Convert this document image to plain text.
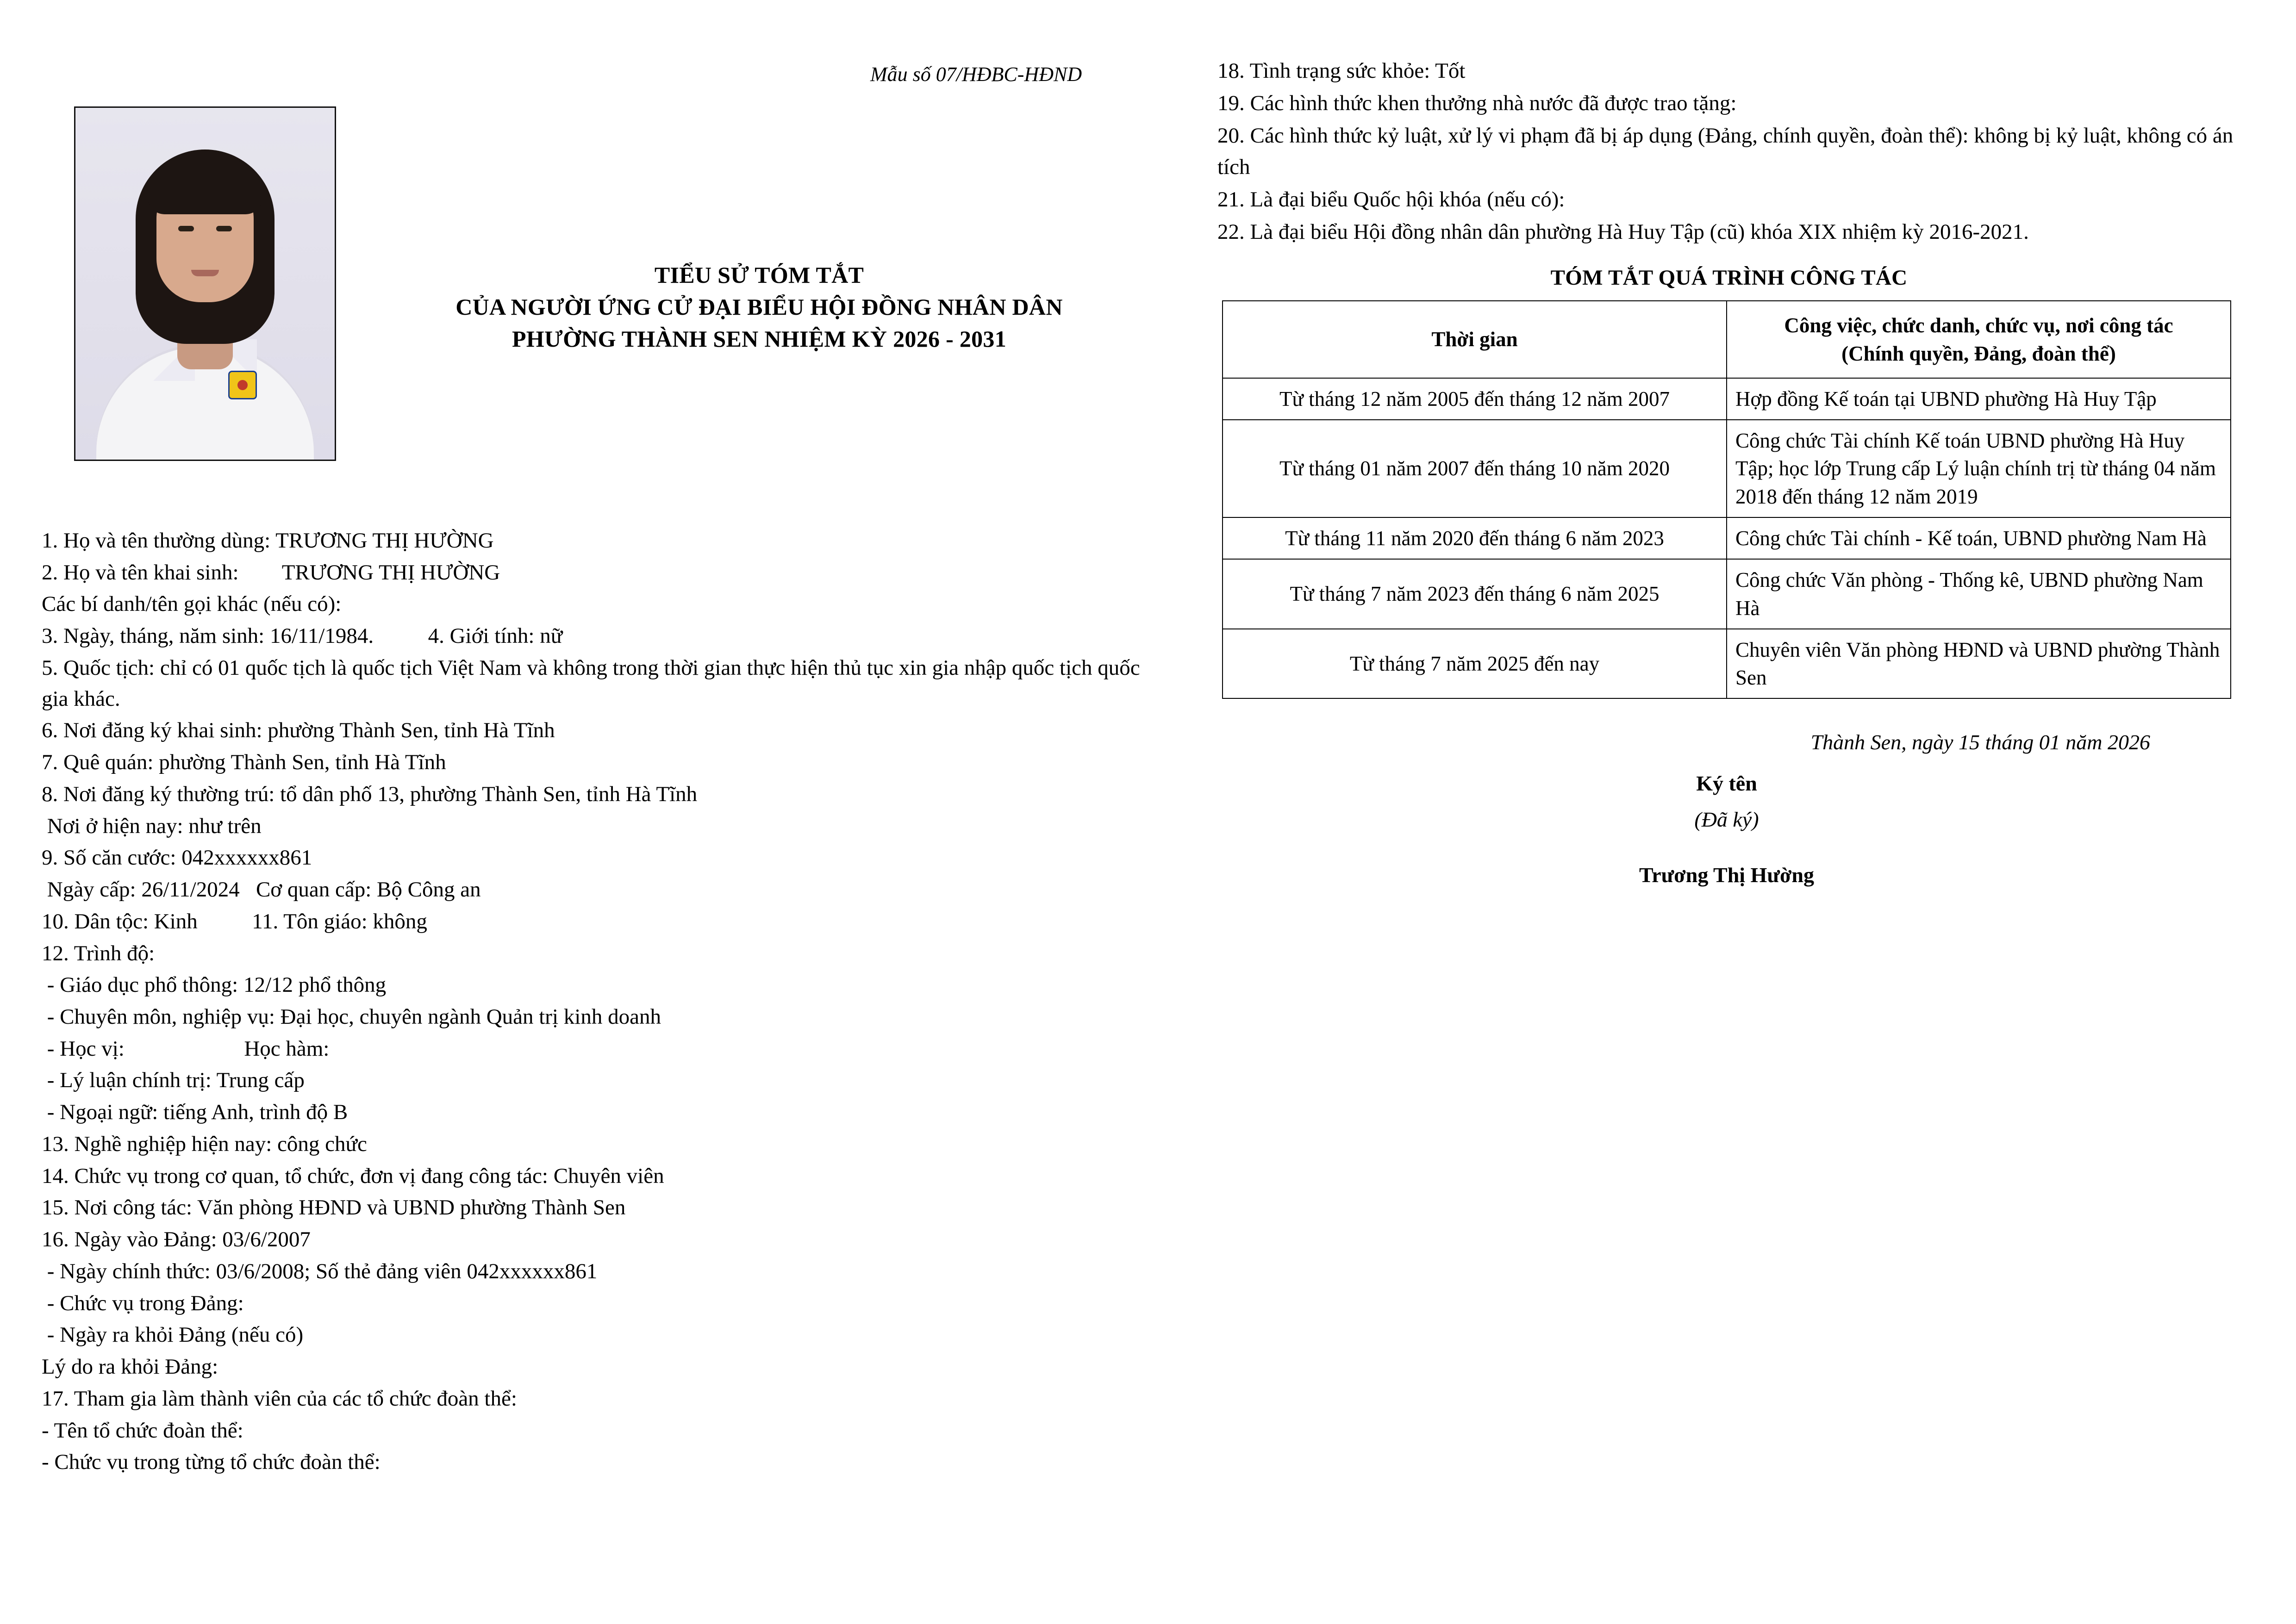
Mẫu số 07/HĐBC-HĐND
TIỂU SỬ TÓM TẮT
CỦA NGƯỜI ỨNG CỬ ĐẠI BIỂU HỘI ĐỒNG NHÂN DÂN
PHƯỜNG THÀNH SEN NHIỆM KỲ 2026 - 2031

1. Họ và tên thường dùng: TRƯƠNG THỊ HƯỜNG

2. Họ và tên khai sinh:        TRƯƠNG THỊ HƯỜNG

Các bí danh/tên gọi khác (nếu có):

3. Ngày, tháng, năm sinh: 16/11/1984.          4. Giới tính: nữ

5. Quốc tịch: chỉ có 01 quốc tịch là quốc tịch Việt Nam và không trong thời gian thực hiện thủ tục xin gia nhập quốc tịch quốc gia khác.

6. Nơi đăng ký khai sinh: phường Thành Sen, tỉnh Hà Tĩnh

7. Quê quán: phường Thành Sen, tỉnh Hà Tĩnh

8. Nơi đăng ký thường trú: tổ dân phố 13, phường Thành Sen, tỉnh Hà Tĩnh

Nơi ở hiện nay: như trên

9. Số căn cước: 042xxxxxx861

Ngày cấp: 26/11/2024   Cơ quan cấp: Bộ Công an

10. Dân tộc: Kinh          11. Tôn giáo: không

12. Trình độ:

- Giáo dục phổ thông: 12/12 phổ thông

- Chuyên môn, nghiệp vụ: Đại học, chuyên ngành Quản trị kinh doanh

- Học vị:                      Học hàm:

- Lý luận chính trị: Trung cấp

- Ngoại ngữ: tiếng Anh, trình độ B

13. Nghề nghiệp hiện nay: công chức

14. Chức vụ trong cơ quan, tổ chức, đơn vị đang công tác: Chuyên viên

15. Nơi công tác: Văn phòng HĐND và UBND phường Thành Sen

16. Ngày vào Đảng: 03/6/2007

- Ngày chính thức: 03/6/2008; Số thẻ đảng viên 042xxxxxx861

- Chức vụ trong Đảng:

- Ngày ra khỏi Đảng (nếu có)

Lý do ra khỏi Đảng:

17. Tham gia làm thành viên của các tổ chức đoàn thể:

- Tên tổ chức đoàn thể:

- Chức vụ trong từng tổ chức đoàn thể:

18. Tình trạng sức khỏe: Tốt

19. Các hình thức khen thưởng nhà nước đã được trao tặng:

20. Các hình thức kỷ luật, xử lý vi phạm đã bị áp dụng (Đảng, chính quyền, đoàn thể): không bị kỷ luật, không có án tích

21. Là đại biểu Quốc hội khóa (nếu có):

22. Là đại biểu Hội đồng nhân dân phường Hà Huy Tập (cũ) khóa XIX nhiệm kỳ 2016-2021.

TÓM TẮT QUÁ TRÌNH CÔNG TÁC
Thời gian	Công việc, chức danh, chức vụ, nơi công tác
(Chính quyền, Đảng, đoàn thể)

Từ tháng 12 năm 2005 đến tháng 12 năm 2007	Hợp đồng Kế toán tại UBND phường Hà Huy Tập
Từ tháng 01 năm 2007 đến tháng 10 năm 2020	Công chức Tài chính Kế toán UBND phường Hà Huy Tập; học lớp Trung cấp Lý luận chính trị từ tháng 04 năm 2018 đến tháng 12 năm 2019
Từ tháng 11 năm 2020 đến tháng 6 năm 2023	Công chức Tài chính - Kế toán, UBND phường Nam Hà
Từ tháng 7 năm 2023 đến tháng 6 năm 2025	Công chức Văn phòng - Thống kê, UBND phường Nam Hà
Từ tháng 7 năm 2025 đến nay	Chuyên viên Văn phòng HĐND và UBND phường Thành Sen
Thành Sen, ngày 15 tháng 01 năm 2026
Ký tên
(Đã ký)
Trương Thị Hường
